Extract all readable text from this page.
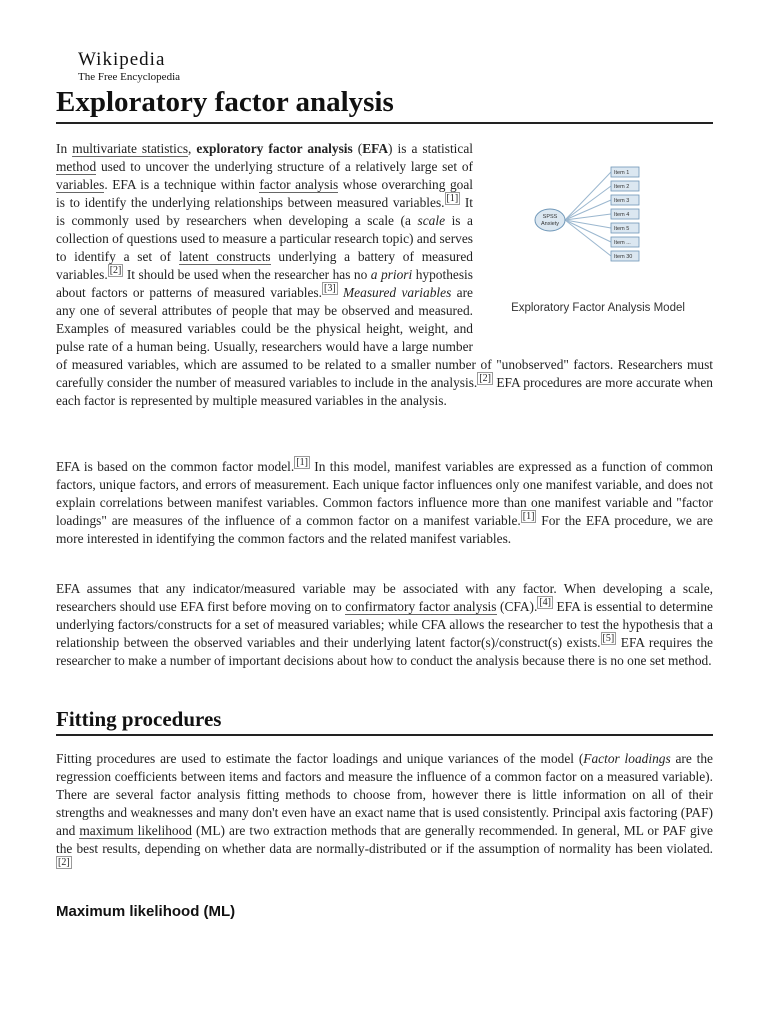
Wikipedia
The Free Encyclopedia
Exploratory factor analysis
SPSS
Anxiety
Item 1
Item 2
Item 3
Item 4
Item 5
Item ...
Item 30
Exploratory Factor Analysis Model

In multivariate statistics, exploratory factor analysis (EFA) is a statistical method used to uncover the underlying structure of a relatively large set of variables. EFA is a technique within factor analysis whose overarching goal is to identify the underlying relationships between measured variables. [1] It is commonly used by researchers when developing a scale (a scale is a collection of questions used to measure a particular research topic) and serves to identify a set of latent constructs underlying a battery of measured variables. [2] It should be used when the researcher has no a priori hypothesis about factors or patterns of measured variables. [3] Measured variables are any one of several attributes of people that may be observed and measured. Examples of measured variables could be the physical height, weight, and pulse rate of a human being. Usually, researchers would have a large number of measured variables, which are assumed to be related to a smaller number of "unobserved" factors. Researchers must carefully consider the number of measured variables to include in the analysis. [2] EFA procedures are more accurate when each factor is represented by multiple measured variables in the analysis.

EFA is based on the common factor model. [1] In this model, manifest variables are expressed as a function of common factors, unique factors, and errors of measurement. Each unique factor influences only one manifest variable, and does not explain correlations between manifest variables. Common factors influence more than one manifest variable and "factor loadings" are measures of the influence of a common factor on a manifest variable. [1] For the EFA procedure, we are more interested in identifying the common factors and the related manifest variables.

EFA assumes that any indicator/measured variable may be associated with any factor. When developing a scale, researchers should use EFA first before moving on to confirmatory factor analysis (CFA). [4] EFA is essential to determine underlying factors/constructs for a set of measured variables; while CFA allows the researcher to test the hypothesis that a relationship between the observed variables and their underlying latent factor(s)/construct(s) exists. [5] EFA requires the researcher to make a number of important decisions about how to conduct the analysis because there is no one set method.

Fitting procedures

Fitting procedures are used to estimate the factor loadings and unique variances of the model (Factor loadings are the regression coefficients between items and factors and measure the influence of a common factor on a measured variable). There are several factor analysis fitting methods to choose from, however there is little information on all of their strengths and weaknesses and many don't even have an exact name that is used consistently. Principal axis factoring (PAF) and maximum likelihood (ML) are two extraction methods that are generally recommended. In general, ML or PAF give the best results, depending on whether data are normally-distributed or if the assumption of normality has been violated.[2]

Maximum likelihood (ML)
